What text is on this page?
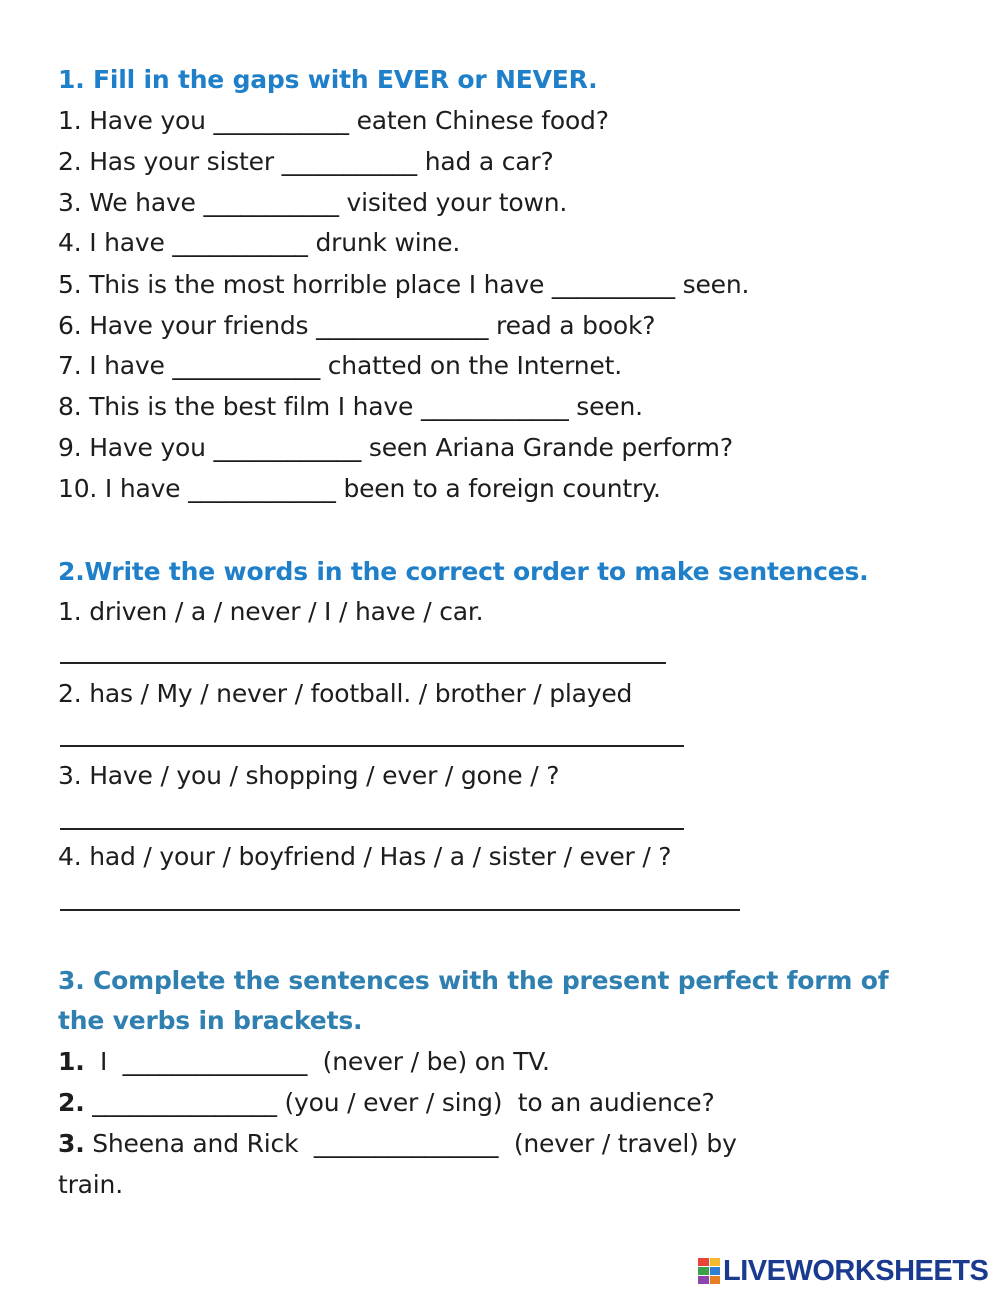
1. Fill in the gaps with EVER or NEVER.
1. Have you ___________ eaten Chinese food?
2. Has your sister ___________ had a car?
3. We have ___________ visited your town.
4. I have ___________ drunk wine.
5. This is the most horrible place I have __________ seen.
6. Have your friends ______________ read a book?
7. I have ____________ chatted on the Internet.
8. This is the best film I have ____________ seen.
9. Have you ____________ seen Ariana Grande perform?
10. I have ____________ been to a foreign country.
2.Write the words in the correct order to make sentences.
1. driven / a / never / I / have / car.
2. has / My / never / football. / brother / played
3. Have / you / shopping / ever / gone / ?
4. had / your / boyfriend / Has / a / sister / ever / ?
3. Complete the sentences with the present perfect form of
the verbs in brackets.
1.  I  _______________  (never / be) on TV.
2. _______________ (you / ever / sing)  to an audience?
3. Sheena and Rick  _______________  (never / travel) by
train.
LIVEWORKSHEETS
